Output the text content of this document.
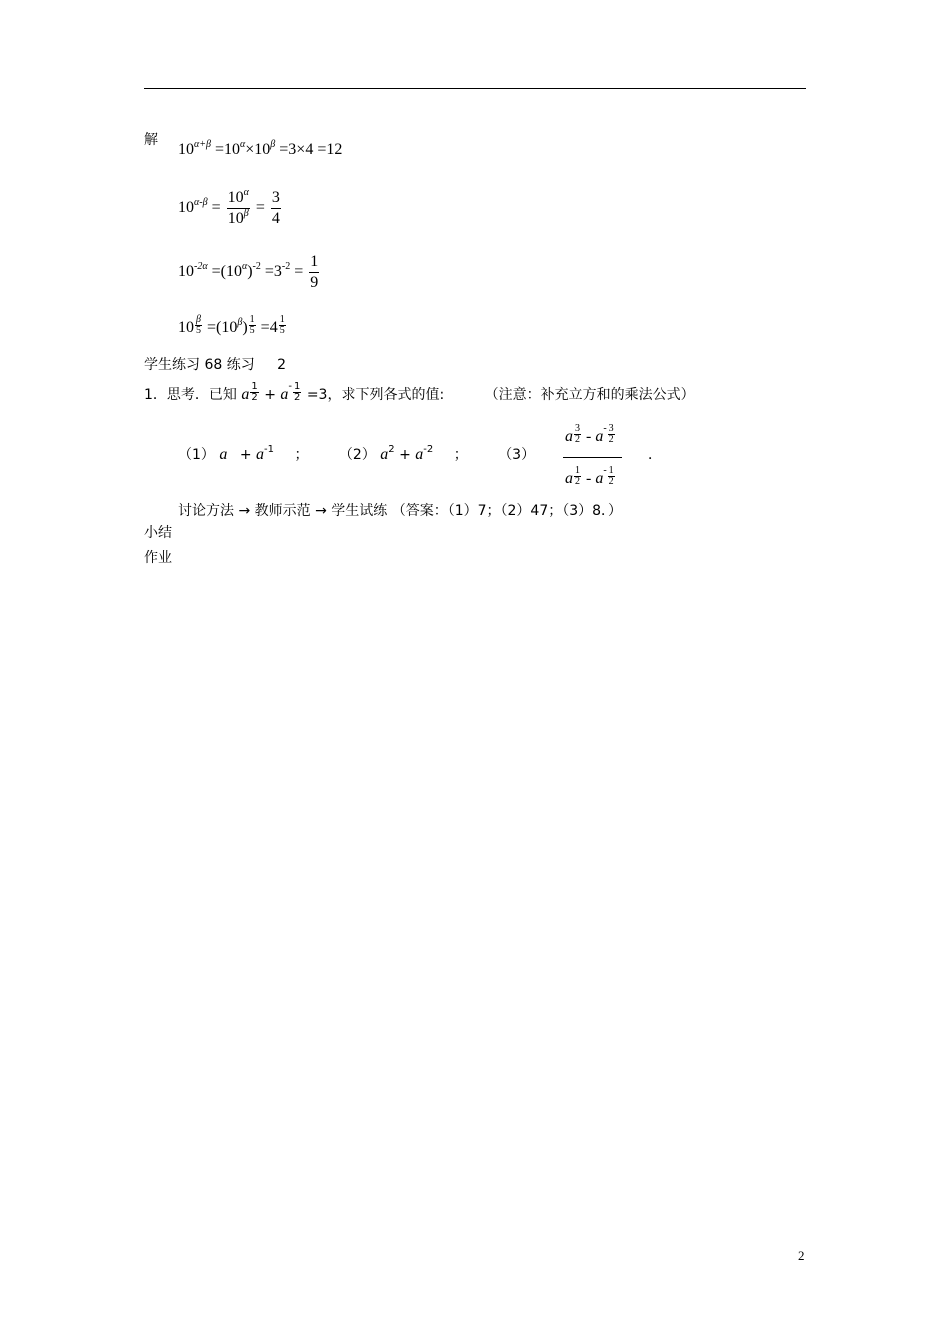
解
$10^{\alpha+\beta} =10^\alpha\times 10^\beta =3\times 4 =12$
$10^{\alpha-\beta} = \frac{10^\alpha}{10^\beta} = \frac{3}{4}$
$10^{-2\alpha} =(10^\alpha)^{-2} =3^{-2} = \frac{1}{9}$
$10 \frac{\beta}{5} =(10^\beta) \frac{1}{5} =4 \frac{1}{5}$
学生练习 68 练习 2
1．思考．已知 a $\frac{1}{2} + a^- \frac{1}{2} =3$，求下列各式的值:	（注意：补充立方和的乘法公式）
（1） $a + a^{-1}$ ； （2） $a^2 + a^{-2}$ ； （3）
a $\frac{3}{2} - a^- \frac{3}{2}$
a $\frac{1}{2} - a^- \frac{1}{2}$
．
讨论方法 → 教师示范 → 学生试练 （答案：（1）7；（2）47；（3）8．）
小结
作业
2
